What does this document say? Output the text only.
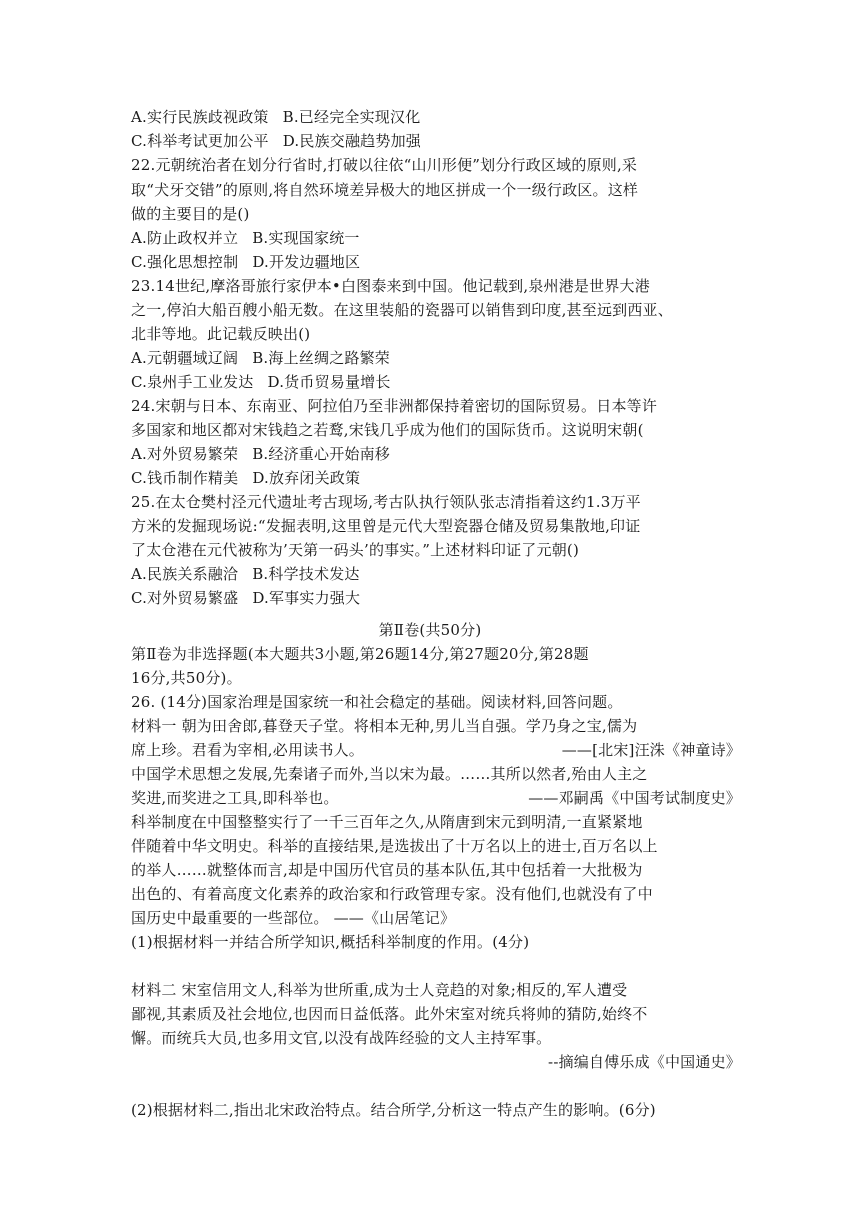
A.实行民族歧视政策 B.已经完全实现汉化
C.科举考试更加公平 D.民族交融趋势加强
22.元朝统治者在划分行省时,打破以往依“山川形便”划分行政区域的原则,采
取“犬牙交错”的原则,将自然环境差异极大的地区拼成一个一级行政区。这样
做的主要目的是()
A.防止政权并立 B.实现国家统一
C.强化思想控制 D.开发边疆地区
23.14世纪,摩洛哥旅行家伊本•白图泰来到中国。他记载到,泉州港是世界大港
之一,停泊大船百艘小船无数。在这里装船的瓷器可以销售到印度,甚至远到西亚、
北非等地。此记载反映出()
A.元朝疆域辽阔 B.海上丝绸之路繁荣
C.泉州手工业发达 D.货币贸易量增长
24.宋朝与日本、东南亚、阿拉伯乃至非洲都保持着密切的国际贸易。日本等许
多国家和地区都对宋钱趋之若鹜,宋钱几乎成为他们的国际货币。这说明宋朝(
A.对外贸易繁荣 B.经济重心开始南移
C.钱币制作精美 D.放弃闭关政策
25.在太仓樊村泾元代遗址考古现场,考古队执行领队张志清指着这约1.3万平
方米的发掘现场说:“发掘表明,这里曾是元代大型瓷器仓储及贸易集散地,印证
了太仓港在元代被称为’天第一码头’的事实。”上述材料印证了元朝()
A.民族关系融洽 B.科学技术发达
C.对外贸易繁盛 D.军事实力强大
第Ⅱ卷(共50分)
第Ⅱ卷为非选择题(本大题共3小题,第26题14分,第27题20分,第28题
16分,共50分)。
26. (14分)国家治理是国家统一和社会稳定的基础。阅读材料,回答问题。
材料一 朝为田舍郎,暮登天子堂。将相本无种,男儿当自强。学乃身之宝,儒为
席上珍。君看为宰相,必用读书人。	——[北宋]汪洙《神童诗》
中国学术思想之发展,先秦诸子而外,当以宋为最。……其所以然者,殆由人主之
奖进,而奖进之工具,即科举也。	——邓嗣禹《中国考试制度史》
科举制度在中国整整实行了一千三百年之久,从隋唐到宋元到明清,一直紧紧地
伴随着中华文明史。科举的直接结果,是选拔出了十万名以上的进士,百万名以上
的举人……就整体而言,却是中国历代官员的基本队伍,其中包括着一大批极为
出色的、有着高度文化素养的政治家和行政管理专家。没有他们,也就没有了中
国历史中最重要的一些部位。 ——《山居笔记》
(1)根据材料一并结合所学知识,概括科举制度的作用。(4分)
材料二 宋室信用文人,科举为世所重,成为士人竞趋的对象;相反的,军人遭受
鄙视,其素质及社会地位,也因而日益低落。此外宋室对统兵将帅的猜防,始终不
懈。而统兵大员,也多用文官,以没有战阵经验的文人主持军事。
--摘编自傅乐成《中国通史》
(2)根据材料二,指出北宋政治特点。结合所学,分析这一特点产生的影响。(6分)
